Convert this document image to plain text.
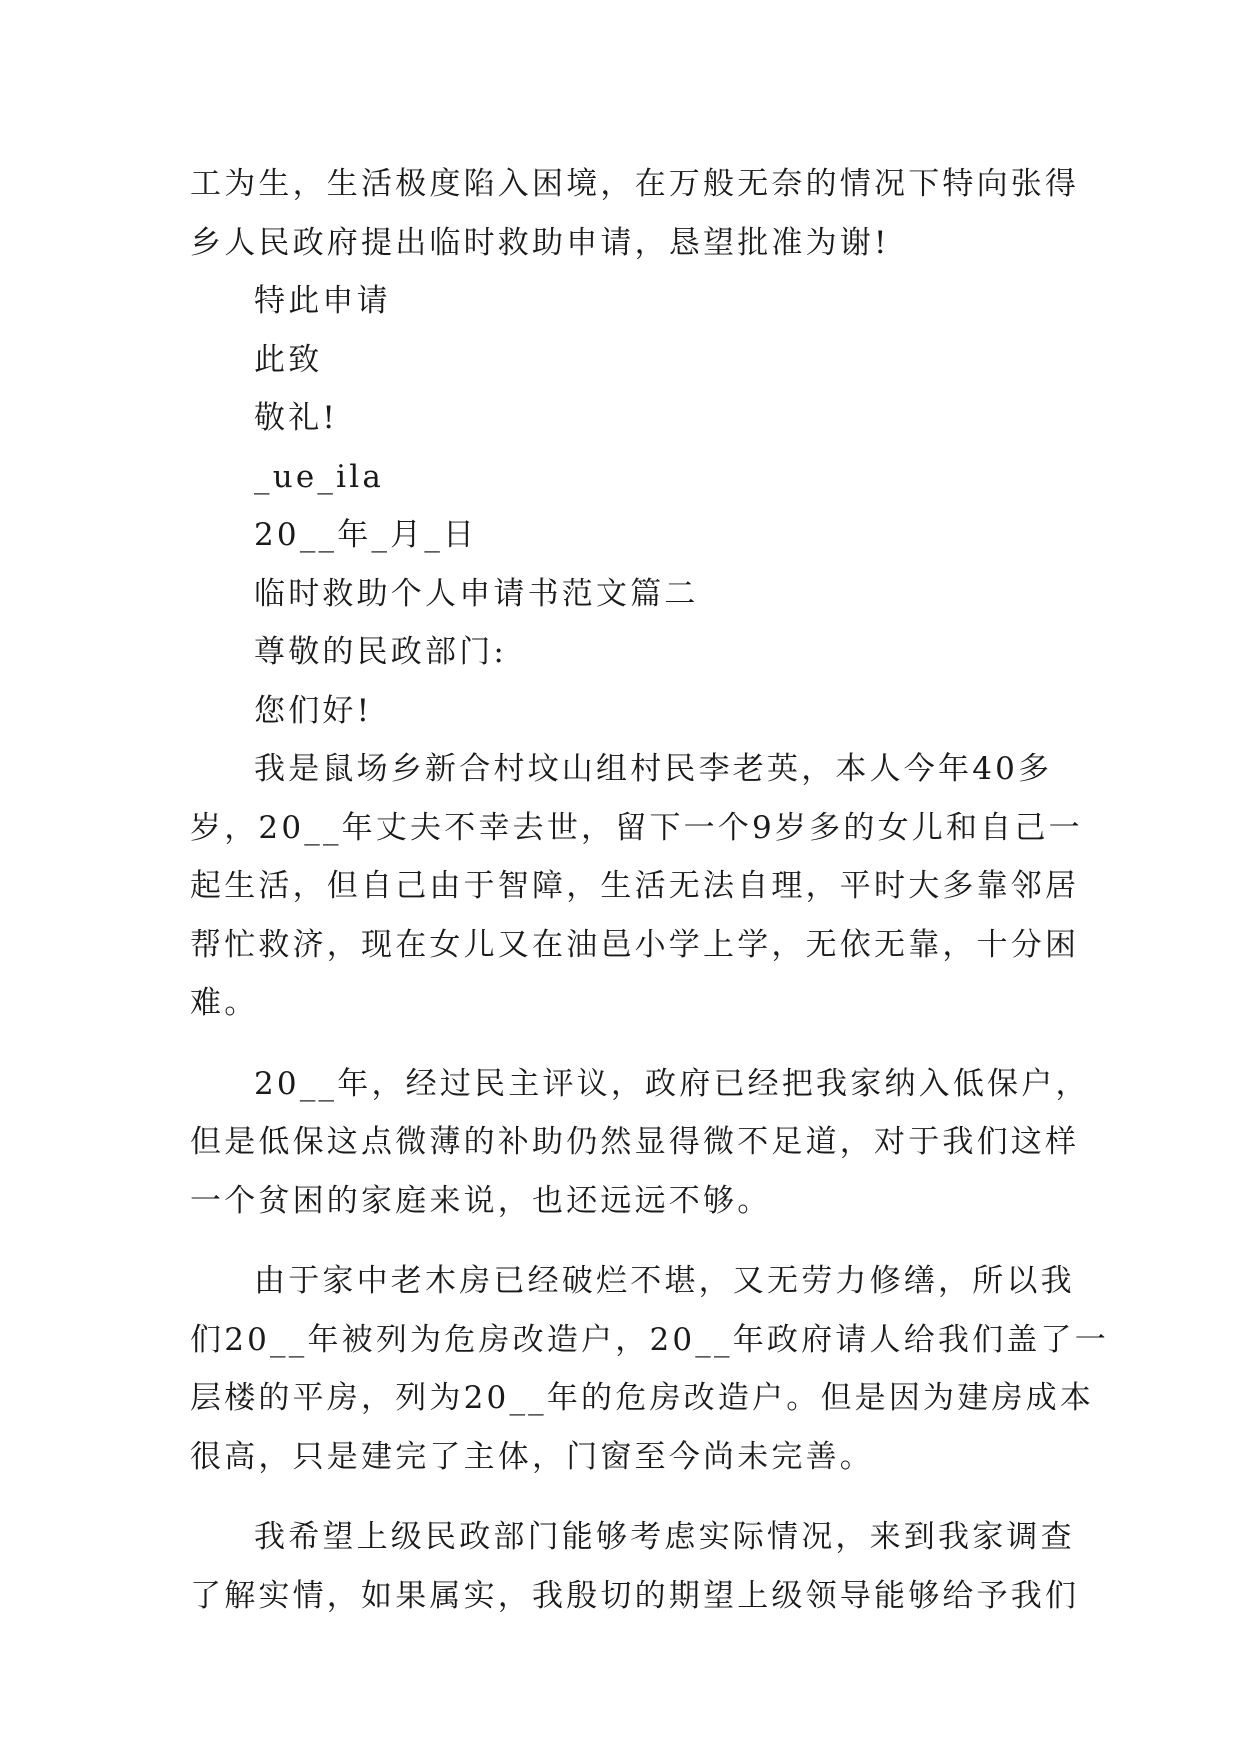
工为生，生活极度陷入困境，在万般无奈的情况下特向张得
乡人民政府提出临时救助申请，恳望批准为谢!
特此申请
此致
敬礼!
_ue_ila
20__年_月_日
临时救助个人申请书范文篇二
尊敬的民政部门:
您们好!
我是鼠场乡新合村坟山组村民李老英，本人今年40多
岁，20__年丈夫不幸去世，留下一个9岁多的女儿和自己一
起生活，但自己由于智障，生活无法自理，平时大多靠邻居
帮忙救济，现在女儿又在油邑小学上学，无依无靠，十分困
难。
20__年，经过民主评议，政府已经把我家纳入低保户，
但是低保这点微薄的补助仍然显得微不足道，对于我们这样
一个贫困的家庭来说，也还远远不够。
由于家中老木房已经破烂不堪，又无劳力修缮，所以我
们20__年被列为危房改造户，20__年政府请人给我们盖了一
层楼的平房，列为20__年的危房改造户。但是因为建房成本
很高，只是建完了主体，门窗至今尚未完善。
我希望上级民政部门能够考虑实际情况，来到我家调查
了解实情，如果属实，我殷切的期望上级领导能够给予我们
